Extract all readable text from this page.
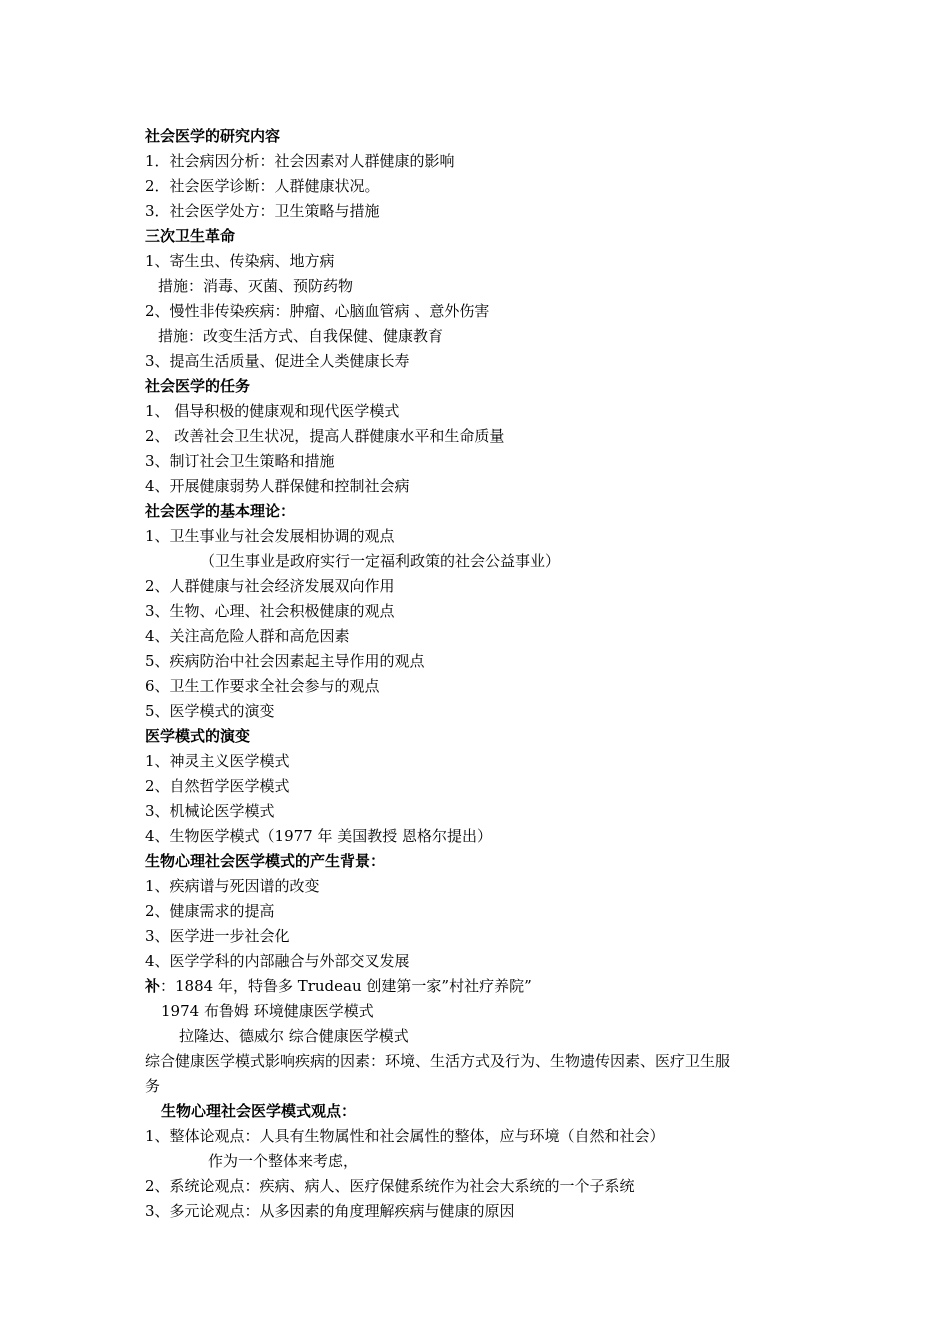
社会医学的研究内容
1．社会病因分析：社会因素对人群健康的影响
2．社会医学诊断：人群健康状况。
3．社会医学处方：卫生策略与措施
三次卫生革命
1、寄生虫、传染病、地方病
措施：消毒、灭菌、预防药物
2、慢性非传染疾病：肿瘤、心脑血管病 、意外伤害
措施：改变生活方式、自我保健、健康教育
3、提高生活质量、促进全人类健康长寿
社会医学的任务
1、 倡导积极的健康观和现代医学模式
2、 改善社会卫生状况，提高人群健康水平和生命质量
3、制订社会卫生策略和措施
4、开展健康弱势人群保健和控制社会病
社会医学的基本理论：
1、卫生事业与社会发展相协调的观点
（卫生事业是政府实行一定福利政策的社会公益事业）
2、人群健康与社会经济发展双向作用
3、生物、心理、社会积极健康的观点
4、关注高危险人群和高危因素
5、疾病防治中社会因素起主导作用的观点
6、卫生工作要求全社会参与的观点
5、医学模式的演变
医学模式的演变
1、神灵主义医学模式
2、自然哲学医学模式
3、机械论医学模式
4、生物医学模式（1977 年 美国教授 恩格尔提出）
生物心理社会医学模式的产生背景：
1、疾病谱与死因谱的改变
2、健康需求的提高
3、医学进一步社会化
4、医学学科的内部融合与外部交叉发展
补：1884 年，特鲁多 Trudeau 创建第一家”村社疗养院”
1974 布鲁姆 环境健康医学模式
拉隆达、德威尔 综合健康医学模式
综合健康医学模式影响疾病的因素：环境、生活方式及行为、生物遗传因素、医疗卫生服
务
生物心理社会医学模式观点：
1、整体论观点：人具有生物属性和社会属性的整体，应与环境（自然和社会）
作为一个整体来考虑，
2、系统论观点：疾病、病人、医疗保健系统作为社会大系统的一个子系统
3、多元论观点：从多因素的角度理解疾病与健康的原因
